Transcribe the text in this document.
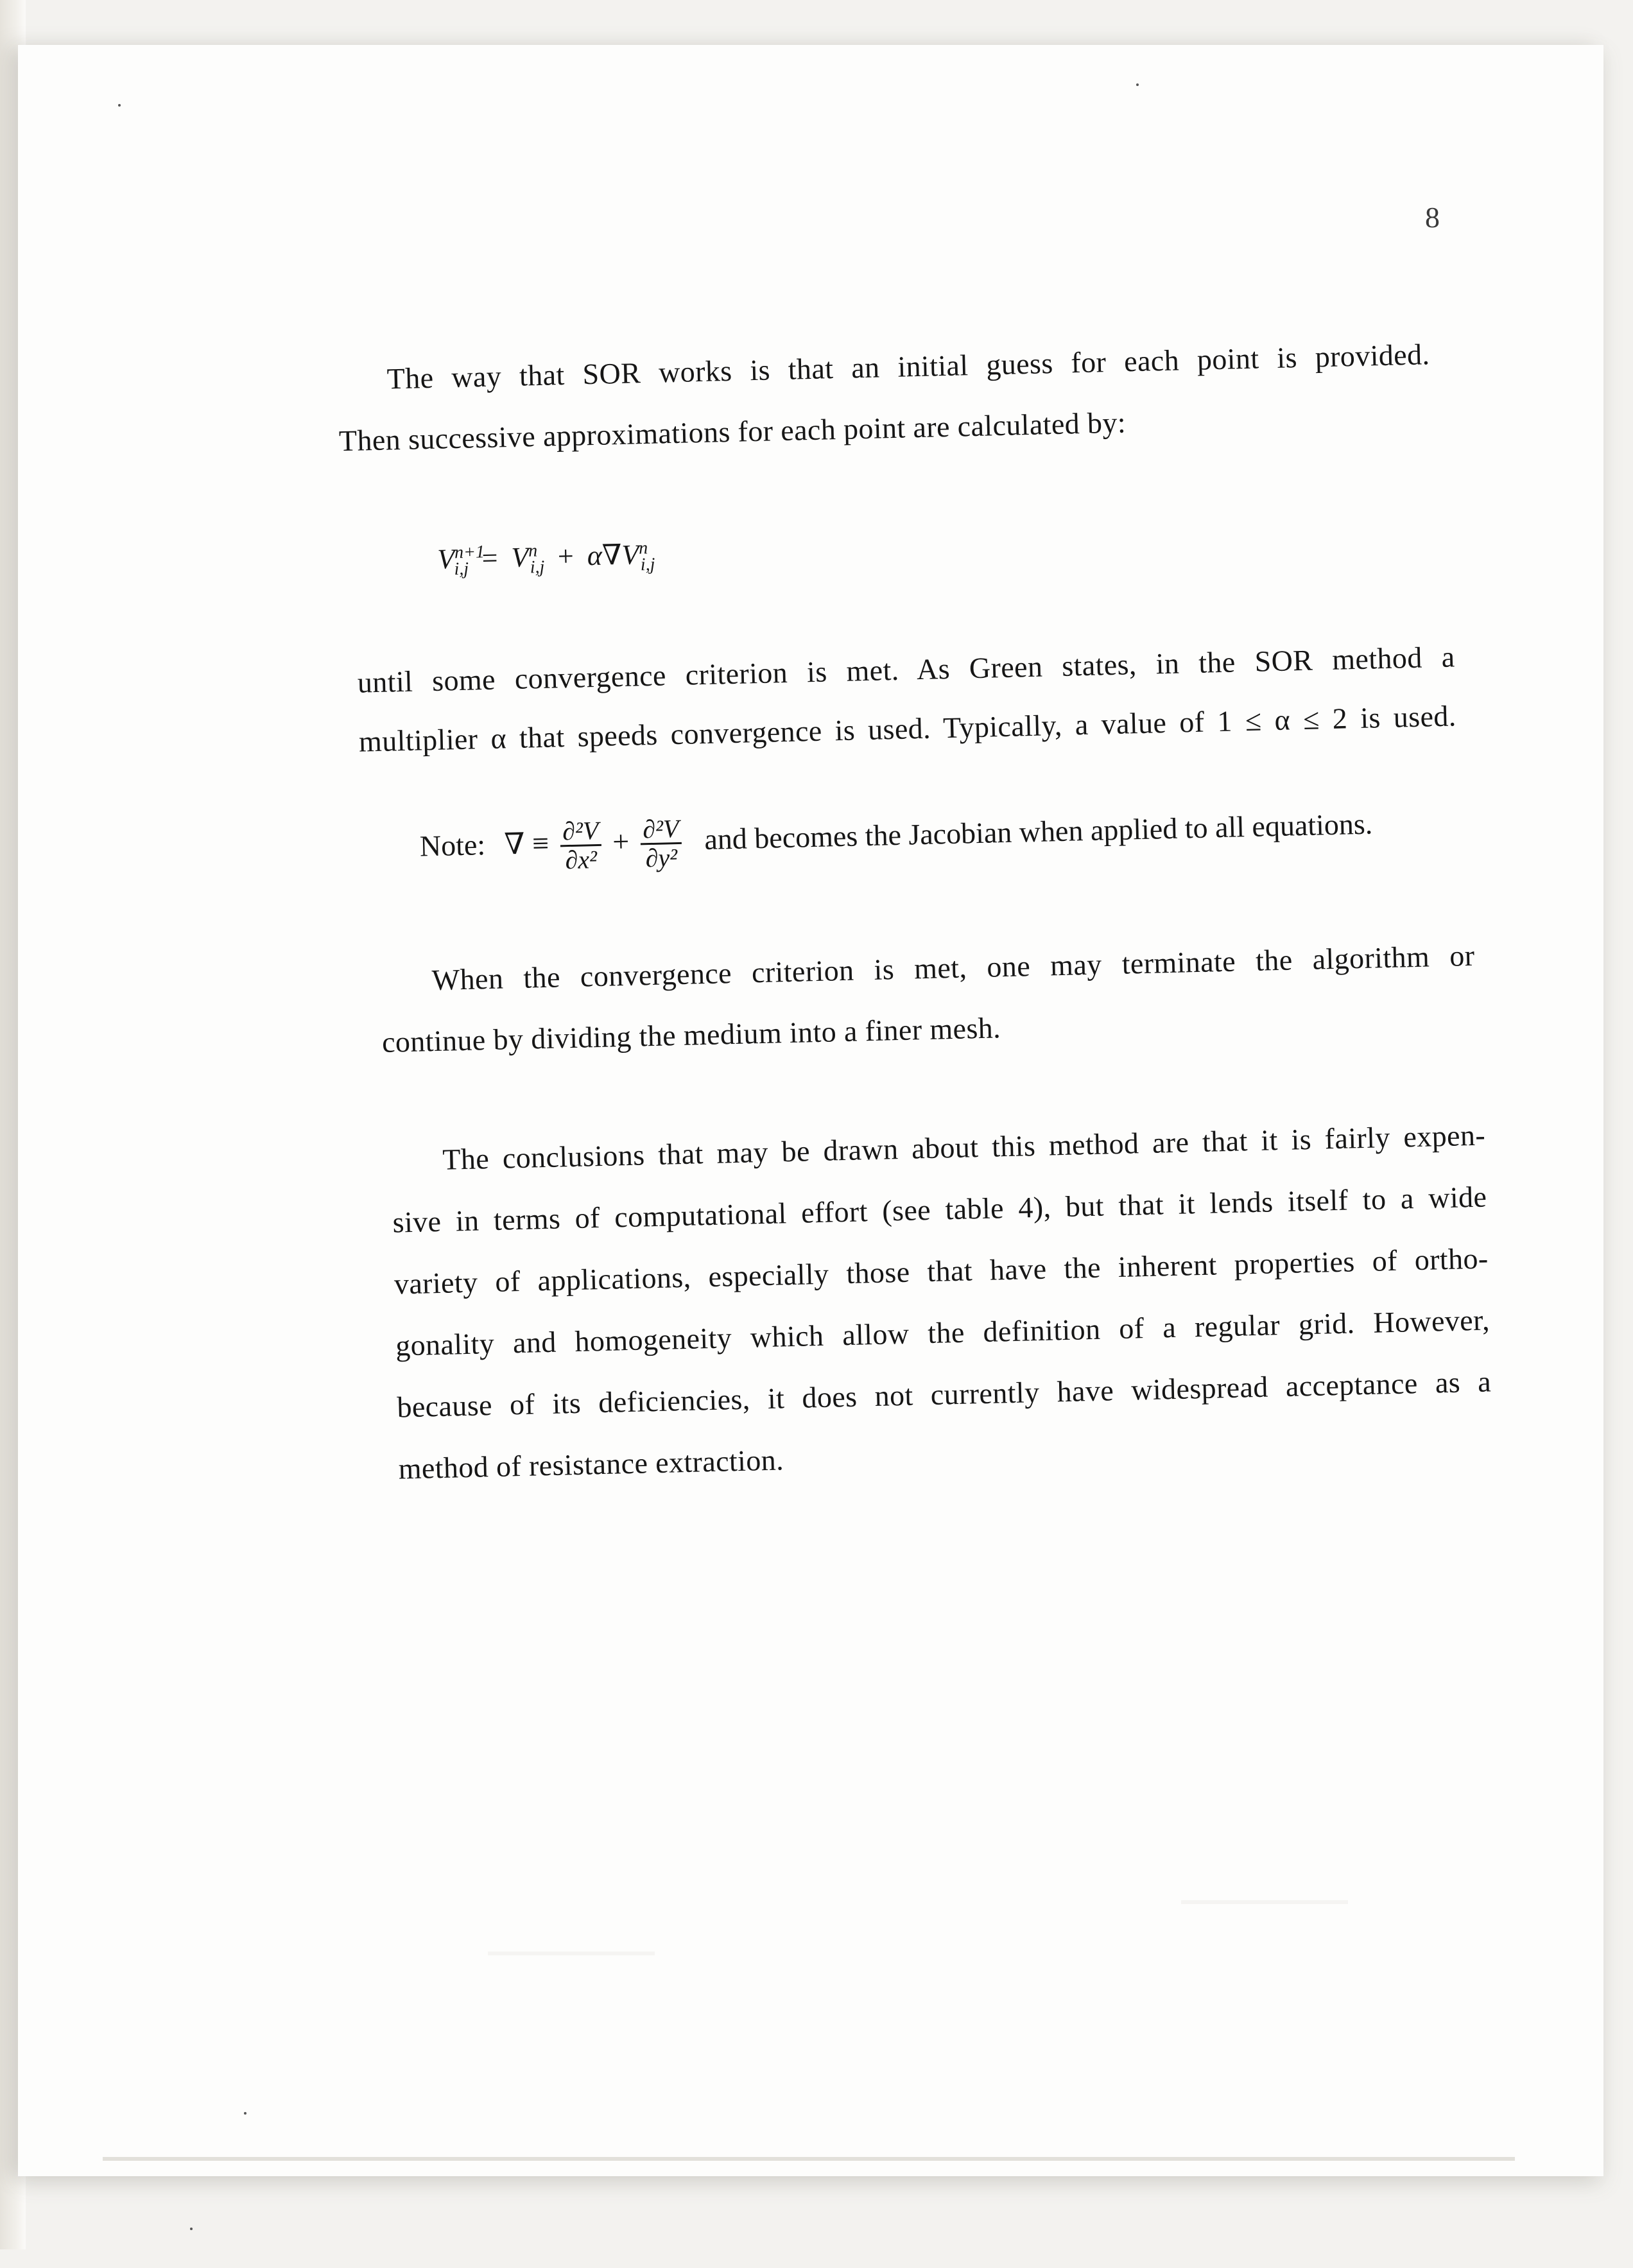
8
The way that SOR works is that an initial guess for each point is provided.
Then successive approximations for each point are calculated by:
$V^{n+1}_{i,j} = V^n_{i,j} + \alpha\nabla V^n_{i,j}$
until some convergence criterion is met. As Green states, in the SOR method a
multiplier α that speeds convergence is used. Typically, a value of 1 ≤ α ≤ 2 is used.
Note: ∇ ≡ $\frac{\text{∂²V}}{\text{∂x²}} + \frac{\text{∂²V}}{\text{∂y²}}$ and becomes the Jacobian when applied to all equations.
When the convergence criterion is met, one may terminate the algorithm or
continue by dividing the medium into a finer mesh.
The conclusions that may be drawn about this method are that it is fairly expen-
sive in terms of computational effort (see table 4), but that it lends itself to a wide
variety of applications, especially those that have the inherent properties of ortho-
gonality and homogeneity which allow the definition of a regular grid. However,
because of its deficiencies, it does not currently have widespread acceptance as a
method of resistance extraction.
